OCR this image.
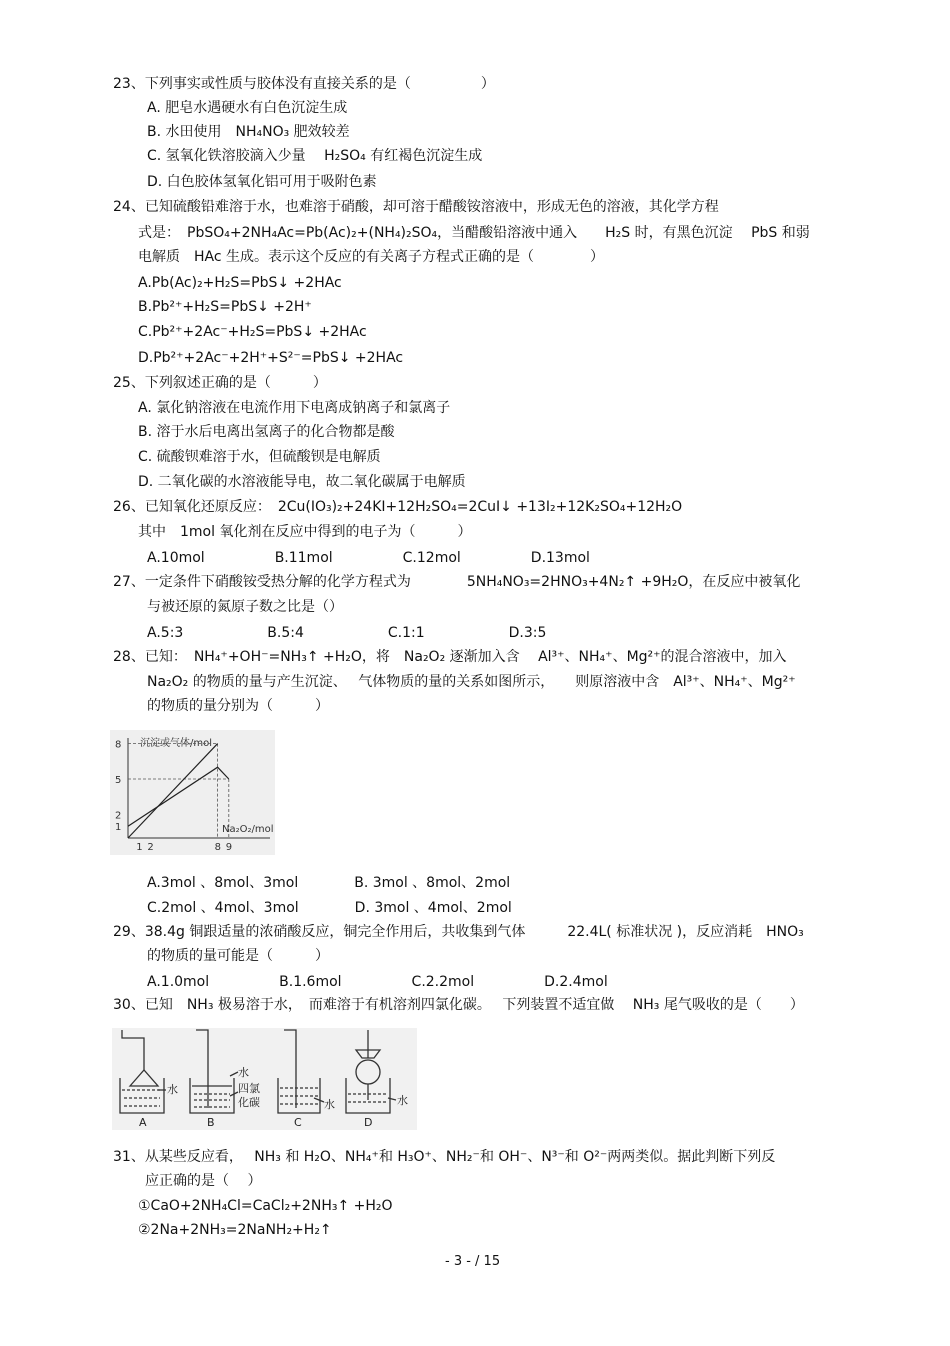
23、下列事实或性质与胶体没有直接关系的是（　　　　　）
A. 肥皂水遇硬水有白色沉淀生成
B. 水田使用　NH₄NO₃ 肥效较差
C. 氢氧化铁溶胶滴入少量　 H₂SO₄ 有红褐色沉淀生成
D. 白色胶体氢氧化铝可用于吸附色素
24、已知硫酸铅难溶于水，也难溶于硝酸，却可溶于醋酸铵溶液中，形成无色的溶液，其化学方程
式是：　PbSO₄+2NH₄Ac=Pb(Ac)₂+(NH₄)₂SO₄，当醋酸铅溶液中通入　　H₂S 时，有黑色沉淀　 PbS 和弱
电解质　HAc 生成。表示这个反应的有关离子方程式正确的是（　　　　）
A.Pb(Ac)₂+H₂S=PbS↓ +2HAc
B.Pb²⁺+H₂S=PbS↓ +2H⁺
C.Pb²⁺+2Ac⁻+H₂S=PbS↓ +2HAc
D.Pb²⁺+2Ac⁻+2H⁺+S²⁻=PbS↓ +2HAc
25、下列叙述正确的是（　　　）
A. 氯化钠溶液在电流作用下电离成钠离子和氯离子
B. 溶于水后电离出氢离子的化合物都是酸
C. 硫酸钡难溶于水，但硫酸钡是电解质
D. 二氧化碳的水溶液能导电，故二氧化碳属于电解质
26、已知氧化还原反应：　2Cu(IO₃)₂+24KI+12H₂SO₄=2CuI↓ +13I₂+12K₂SO₄+12H₂O
其中　1mol 氧化剂在反应中得到的电子为（　　　）
A.10mol　　　　　B.11mol　　　　　C.12mol　　　　　D.13mol
27、一定条件下硝酸铵受热分解的化学方程式为　　　　5NH₄NO₃=2HNO₃+4N₂↑ +9H₂O，在反应中被氧化
与被还原的氮原子数之比是（）
A.5:3　　　　　　B.5:4　　　　　　C.1:1　　　　　　D.3:5
28、已知：　NH₄⁺+OH⁻=NH₃↑ +H₂O，将　Na₂O₂ 逐渐加入含　 Al³⁺、NH₄⁺、Mg²⁺的混合溶液中，加入
Na₂O₂ 的物质的量与产生沉淀、　 气体物质的量的关系如图所示，　　则原溶液中含　Al³⁺、NH₄⁺、Mg²⁺
的物质的量分别为（　　　）
A.3mol 、8mol、3mol　　　　B. 3mol 、8mol、2mol
C.2mol 、4mol、3mol　　　　D. 3mol 、4mol、2mol
29、38.4g 铜跟适量的浓硝酸反应，铜完全作用后，共收集到气体　　　22.4L( 标准状况 )，反应消耗　HNO₃
的物质的量可能是（　　　）
A.1.0mol　　　　　B.1.6mol　　　　　C.2.2mol　　　　　D.2.4mol
30、已知　NH₃ 极易溶于水，　而难溶于有机溶剂四氯化碳。　 下列装置不适宜做　 NH₃ 尾气吸收的是（　　）
31、从某些反应看，　 NH₃ 和 H₂O、NH₄⁺和 H₃O⁺、NH₂⁻和 OH⁻、N³⁻和 O²⁻两两类似。据此判断下列反
应正确的是（　 ）
①CaO+2NH₄Cl=CaCl₂+2NH₃↑ +H₂O
②2Na+2NH₃=2NaNH₂+H₂↑
沉淀或气体/mol
Na₂O₂/mol
1 2	8 9
1
2
5
8
水
A
水
四氯
化碳
B
水
C
水
D
- 3 - / 15
